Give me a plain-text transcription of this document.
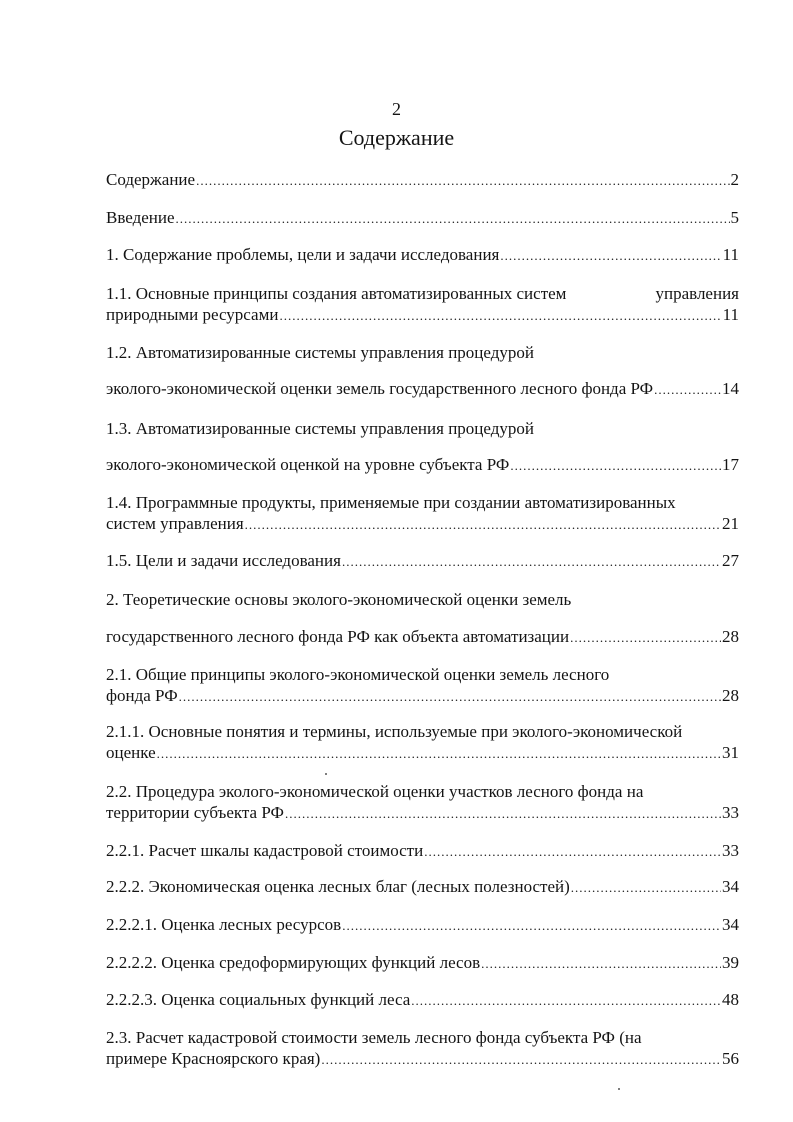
2
Содержание
Содержание .....	2
Введение .....	5
1. Содержание проблемы, цели и задачи исследования .....	11
1.1. Основные принципы создания автоматизированных систем	управления
природными ресурсами .....	11
1.2. Автоматизированные системы управления процедурой
эколого-экономической оценки земель государственного лесного фонда РФ .....	14
1.3. Автоматизированные системы управления процедурой
эколого-экономической оценкой на уровне субъекта РФ .....	17
1.4. Программные продукты, применяемые при создании автоматизированных
систем управления .....	21
1.5. Цели и задачи исследования .....	27
2. Теоретические основы эколого-экономической оценки земель
государственного лесного фонда РФ как объекта автоматизации .....	28
2.1. Общие принципы эколого-экономической оценки земель лесного
фонда РФ .....	28
2.1.1. Основные понятия и термины, используемые при эколого-экономической
оценке .....	31
2.2. Процедура эколого-экономической оценки участков лесного фонда на
территории субъекта РФ .....	33
2.2.1. Расчет шкалы кадастровой стоимости .....	33
2.2.2. Экономическая оценка лесных благ (лесных полезностей) .....	34
2.2.2.1. Оценка лесных ресурсов .....	34
2.2.2.2. Оценка средоформирующих функций лесов .....	39
2.2.2.3. Оценка социальных функций леса .....	48
2.3. Расчет кадастровой стоимости земель лесного фонда субъекта РФ (на
примере Красноярского края) .....	56
